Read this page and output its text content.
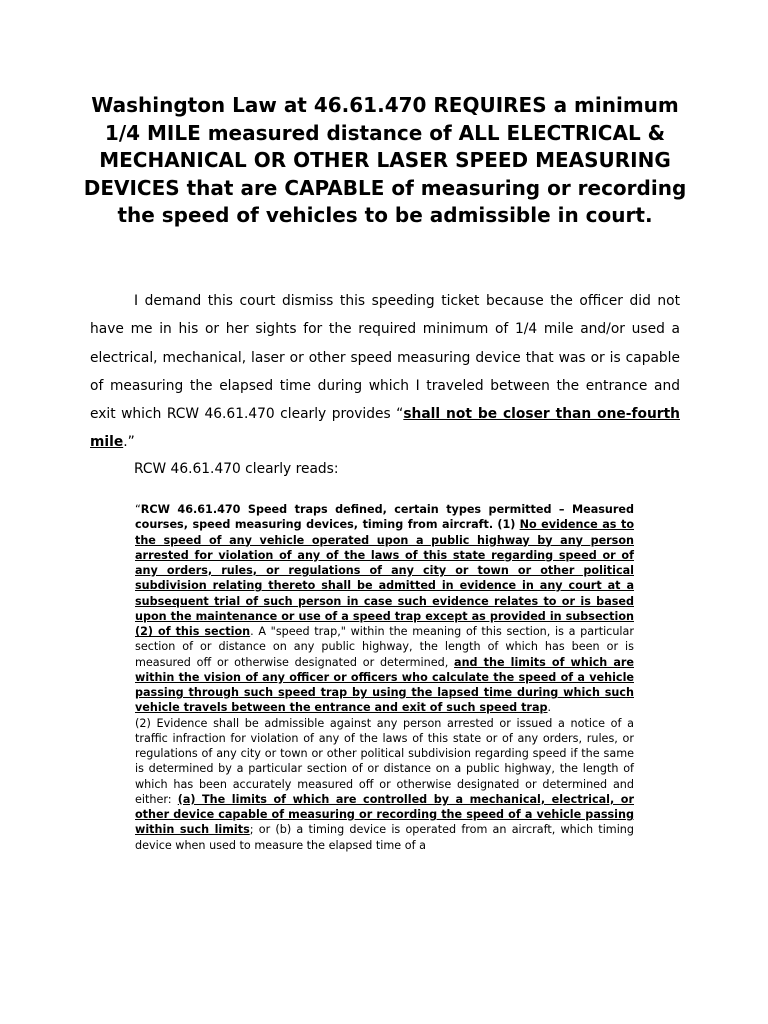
Washington Law at 46.61.470 REQUIRES a minimum 1/4 MILE measured distance of ALL ELECTRICAL & MECHANICAL OR OTHER LASER SPEED MEASURING DEVICES that are CAPABLE of measuring or recording the speed of vehicles to be admissible in court.

I demand this court dismiss this speeding ticket because the officer did not have me in his or her sights for the required minimum of 1/4 mile and/or used a electrical, mechanical, laser or other speed measuring device that was or is capable of measuring the elapsed time during which I traveled between the entrance and exit which RCW 46.61.470 clearly provides “shall not be closer than one-fourth mile.”

RCW 46.61.470 clearly reads:

“RCW 46.61.470 Speed traps defined, certain types permitted – Measured courses, speed measuring devices, timing from aircraft. (1) No evidence as to the speed of any vehicle operated upon a public highway by any person arrested for violation of any of the laws of this state regarding speed or of any orders, rules, or regulations of any city or town or other political subdivision relating thereto shall be admitted in evidence in any court at a subsequent trial of such person in case such evidence relates to or is based upon the maintenance or use of a speed trap except as provided in subsection (2) of this section. A "speed trap," within the meaning of this section, is a particular section of or distance on any public highway, the length of which has been or is measured off or otherwise designated or determined, and the limits of which are within the vision of any officer or officers who calculate the speed of a vehicle passing through such speed trap by using the lapsed time during which such vehicle travels between the entrance and exit of such speed trap.
(2) Evidence shall be admissible against any person arrested or issued a notice of a traffic infraction for violation of any of the laws of this state or of any orders, rules, or regulations of any city or town or other political subdivision regarding speed if the same is determined by a particular section of or distance on a public highway, the length of which has been accurately measured off or otherwise designated or determined and either: (a) The limits of which are controlled by a mechanical, electrical, or other device capable of measuring or recording the speed of a vehicle passing within such limits; or (b) a timing device is operated from an aircraft, which timing device when used to measure the elapsed time of a
